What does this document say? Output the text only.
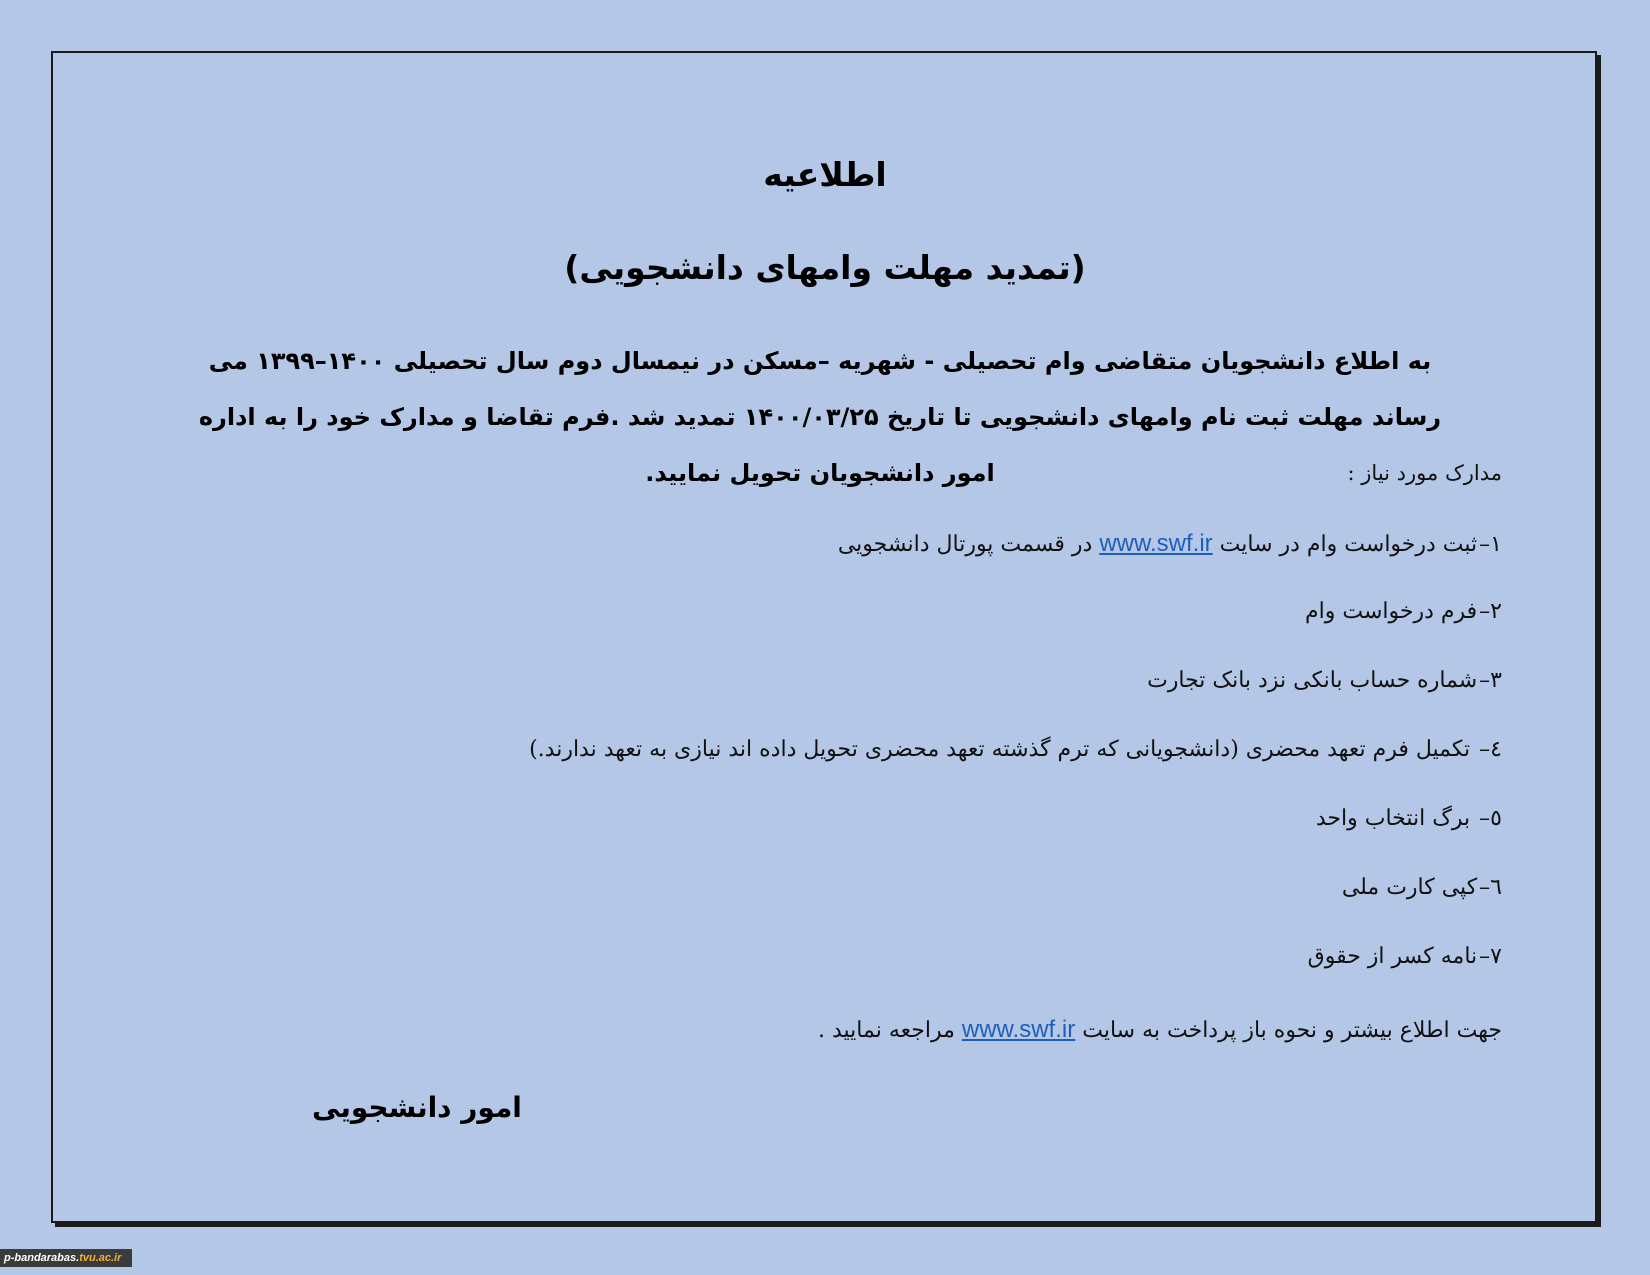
اطلاعیه
(تمدید مهلت وامهای دانشجویی)

به اطلاع دانشجویان متقاضی وام تحصیلی - شهریه –مسکن در نیمسال دوم سال تحصیلی ۱۴۰۰–۱۳۹۹ می رساند مهلت ثبت نام وامهای دانشجویی تا تاریخ ۱۴۰۰/۰۳/۲۵ تمدید شد .فرم تقاضا و مدارک خود را به اداره امور دانشجویان تحویل نمایید.	مدارک مورد نیاز :
١–ثبت درخواست وام در سایت www.swf.ir در قسمت پورتال دانشجویی
٢–فرم درخواست وام
٣–شماره حساب بانکی نزد بانک تجارت
٤– تکمیل فرم تعهد محضری (دانشجویانی که ترم گذشته تعهد محضری تحویل داده اند نیازی به تعهد ندارند.)
٥– برگ انتخاب واحد
٦–کپی کارت ملی
٧–نامه کسر از حقوق
جهت اطلاع بیشتر و نحوه باز پرداخت به سایت www.swf.ir مراجعه نمایید .
امور دانشجویی
p-bandarabas.tvu.ac.ir
